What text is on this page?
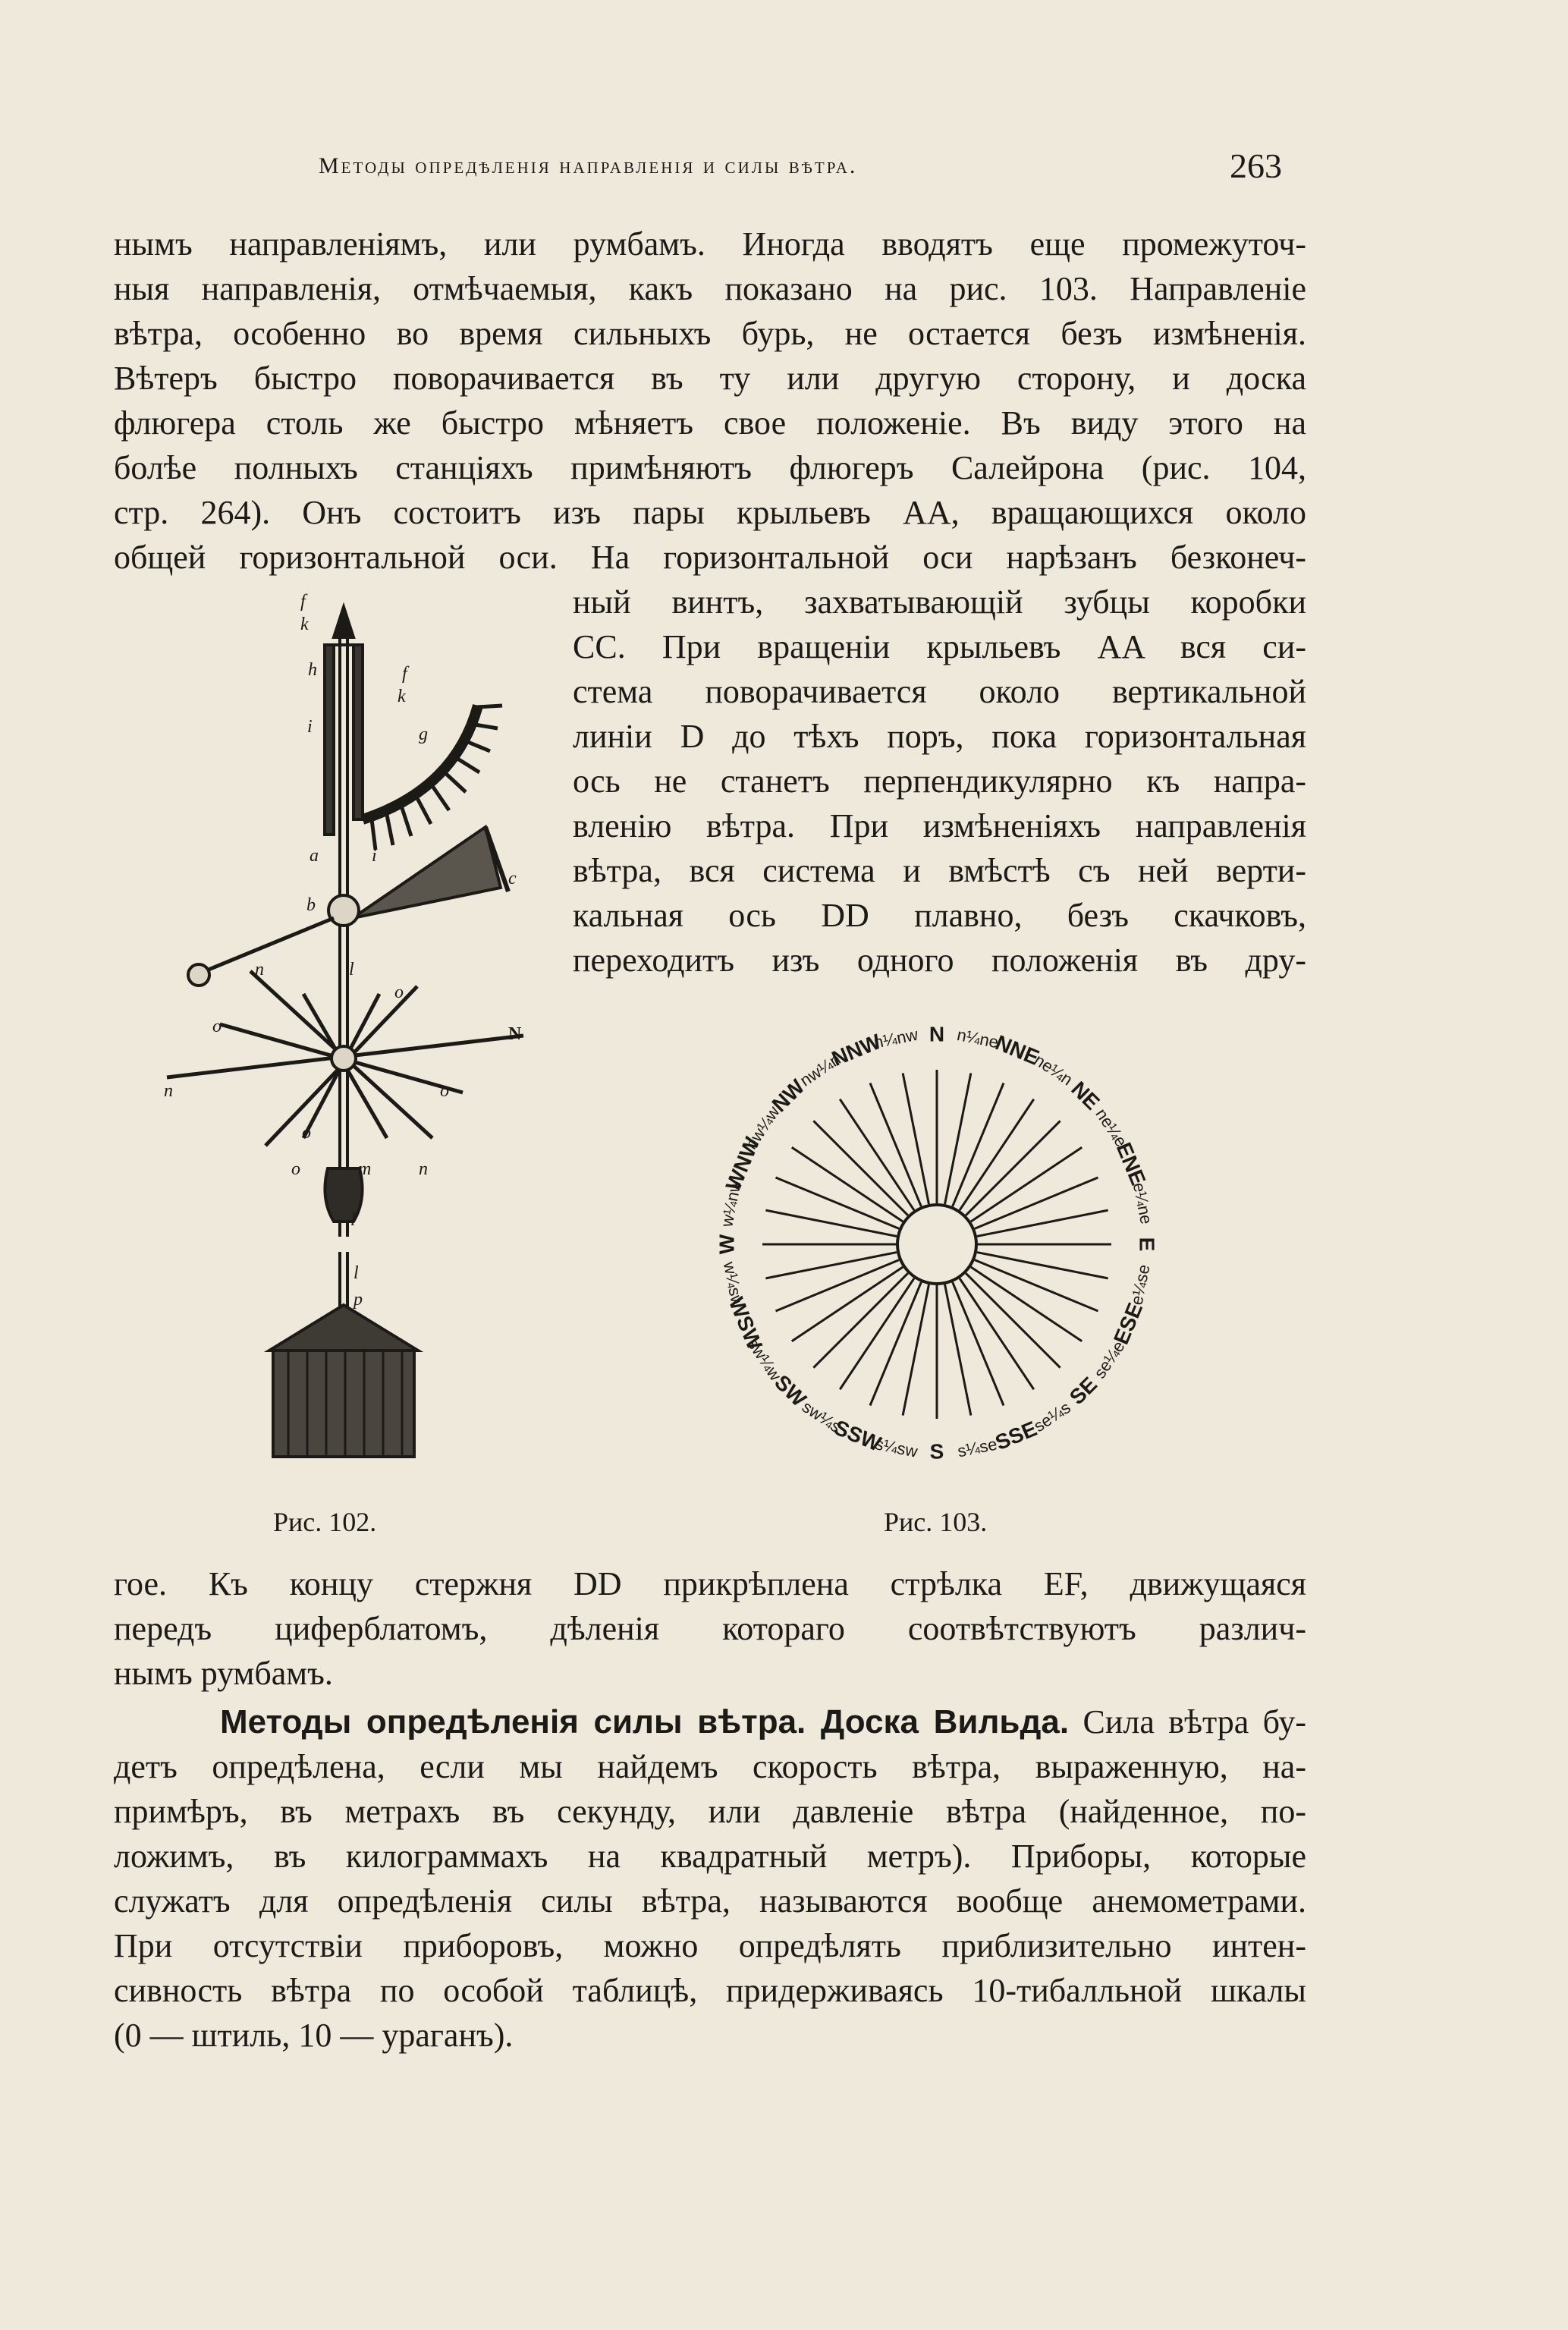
Методы опредѣленія направленія и силы вѣтра.	263
нымъ направленіямъ, или румбамъ. Иногда вводятъ еще промежуточ-
ныя направленія, отмѣчаемыя, какъ показано на рис. 103. Направленіе
вѣтра, особенно во время сильныхъ бурь, не остается безъ измѣненія.
Вѣтеръ быстро поворачивается въ ту или другую сторону, и доска
флюгера столь же быстро мѣняетъ свое положеніе. Въ виду этого на
болѣе полныхъ станціяхъ примѣняютъ флюгеръ Салейрона (рис. 104,
стр. 264). Онъ состоитъ изъ пары крыльевъ AA, вращающихся около
общей горизонтальной оси. На горизонтальной оси нарѣзанъ безконеч-
ный винтъ, захватывающій зубцы коробки
CC. При вращеніи крыльевъ AA вся си-
стема поворачивается около вертикальной
линіи D до тѣхъ поръ, пока горизонтальная
ось не станетъ перпендикулярно къ напра-
вленію вѣтра. При измѣненіяхъ направленія
вѣтра, вся система и вмѣстѣ съ ней верти-
кальная ось DD плавно, безъ скачковъ,
переходитъ изъ одного положенія въ дру-
f
k
h	f
k
i	g
a	i
c
b
n	l
o
o	N
n	o
o
o	m	n
l
l
p
N n¼ne
NNE
ne¼n
NE
ne¼e
ENE
e¼ne
E
e¼se
ESE
se¼e
SE
se¼s
SSE
s¼se
S
s¼sw
SSW
sw¼s
SW
sw¼w
WSW
w¼sw
W
w¼nw
WNW
nw¼w
NW
nw¼n
NNW
n¼nw
Рис. 102.	Рис. 103.
гое. Къ концу стержня DD прикрѣплена стрѣлка EF, движущаяся
передъ циферблатомъ, дѣленія котораго соотвѣтствуютъ различ-
нымъ румбамъ.
Методы опредѣленія силы вѣтра. Доска Вильда. Сила вѣтра бу-
детъ опредѣлена, если мы найдемъ скорость вѣтра, выраженную, на-
примѣръ, въ метрахъ въ секунду, или давленіе вѣтра (найденное, по-
ложимъ, въ килограммахъ на квадратный метръ). Приборы, которые
служатъ для опредѣленія силы вѣтра, называются вообще анемометрами.
При отсутствіи приборовъ, можно опредѣлять приблизительно интен-
сивность вѣтра по особой таблицѣ, придерживаясь 10-тибалльной шкалы
(0 — штиль, 10 — ураганъ).
